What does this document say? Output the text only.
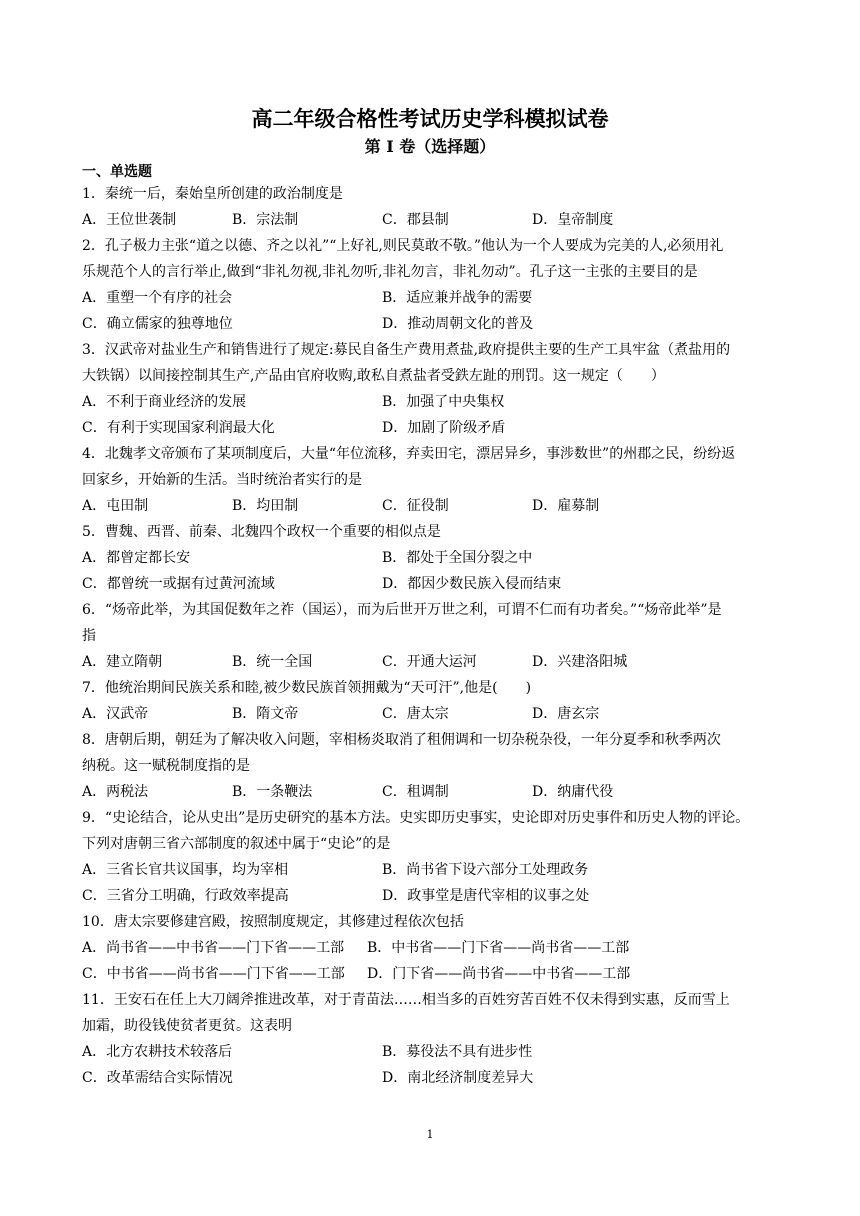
高二年级合格性考试历史学科模拟试卷
第 I 卷（选择题）
一、单选题
1．秦统一后，秦始皇所创建的政治制度是
A．王位世袭制	B．宗法制	C．郡县制	D．皇帝制度
2．孔子极力主张“道之以德、齐之以礼”“上好礼,则民莫敢不敬。”他认为一个人要成为完美的人,必须用礼
乐规范个人的言行举止,做到“非礼勿视,非礼勿听,非礼勿言，非礼勿动”。孔子这一主张的主要目的是
A．重塑一个有序的社会	B．适应兼并战争的需要
C．确立儒家的独尊地位	D．推动周朝文化的普及
3．汉武帝对盐业生产和销售进行了规定:募民自备生产费用煮盐,政府提供主要的生产工具牢盆（煮盐用的
大铁锅）以间接控制其生产,产品由官府收购,敢私自煮盐者受鉄左趾的刑罚。这一规定（　　）
A．不利于商业经济的发展	B．加强了中央集权
C．有利于实现国家利润最大化	D．加剧了阶级矛盾
4．北魏孝文帝颁布了某项制度后，大量“年位流移，弃卖田宅，漂居异乡，事涉数世”的州郡之民，纷纷返
回家乡，开始新的生活。当时统治者实行的是
A．屯田制	B．均田制	C．征役制	D．雇募制
5．曹魏、西晋、前秦、北魏四个政权一个重要的相似点是
A．都曾定都长安	B．都处于全国分裂之中
C．都曾统一或据有过黄河流域	D．都因少数民族入侵而结束
6．“炀帝此举，为其国促数年之祚（国运），而为后世开万世之利，可谓不仁而有功者矣。”“炀帝此举”是
指
A．建立隋朝	B．统一全国	C．开通大运河	D．兴建洛阳城
7．他统治期间民族关系和睦,被少数民族首领拥戴为“天可汗”,他是(　　)
A．汉武帝	B．隋文帝	C．唐太宗	D．唐玄宗
8．唐朝后期，朝廷为了解决收入问题，宰相杨炎取消了租佣调和一切杂税杂役，一年分夏季和秋季两次
纳税。这一赋税制度指的是
A．两税法	B．一条鞭法	C．租调制	D．纳庸代役
9．“史论结合，论从史出”是历史研究的基本方法。史实即历史事实，史论即对历史事件和历史人物的评论。
下列对唐朝三省六部制度的叙述中属于“史论”的是
A．三省长官共议国事，均为宰相	B．尚书省下设六部分工处理政务
C．三省分工明确，行政效率提高	D．政事堂是唐代宰相的议事之处
10．唐太宗要修建宫殿，按照制度规定，其修建过程依次包括
A．尚书省——中书省——门下省——工部 B．中书省——门下省——尚书省——工部
C．中书省——尚书省——门下省——工部 D．门下省——尚书省——中书省——工部
11．王安石在任上大刀阔斧推进改革，对于青苗法……相当多的百姓穷苦百姓不仅未得到实惠，反而雪上
加霜，助役钱使贫者更贫。这表明
A．北方农耕技术较落后	B．募役法不具有进步性
C．改革需结合实际情况	D．南北经济制度差异大
1
